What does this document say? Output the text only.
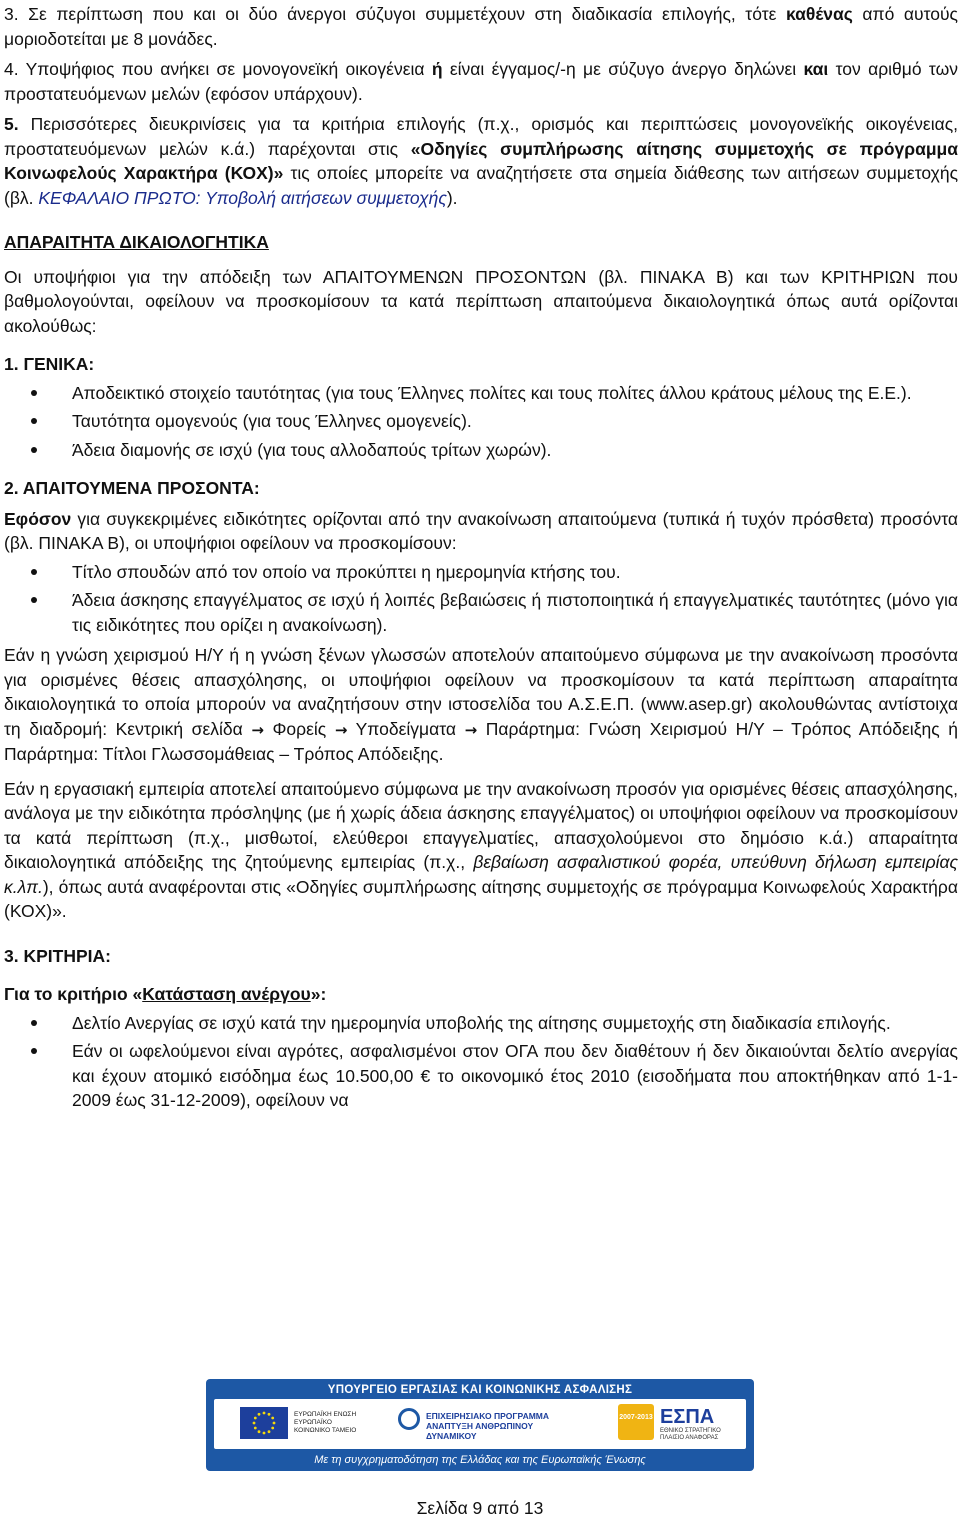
3. Σε περίπτωση που και οι δύο άνεργοι σύζυγοι συμμετέχουν στη διαδικασία επιλογής, τότε καθένας από αυτούς μοριοδοτείται με 8 μονάδες.

4. Υποψήφιος που ανήκει σε μονογονεϊκή οικογένεια ή είναι έγγαμος/-η με σύζυγο άνεργο δηλώνει και τον αριθμό των προστατευόμενων μελών (εφόσον υπάρχουν).

5. Περισσότερες διευκρινίσεις για τα κριτήρια επιλογής (π.χ., ορισμός και περιπτώσεις μονογονεϊκής οικογένειας, προστατευόμενων μελών κ.ά.) παρέχονται στις «Οδηγίες συμπλήρωσης αίτησης συμμετοχής σε πρόγραμμα Κοινωφελούς Χαρακτήρα (ΚΟΧ)» τις οποίες μπορείτε να αναζητήσετε στα σημεία διάθεσης των αιτήσεων συμμετοχής (βλ. ΚΕΦΑΛΑΙΟ ΠΡΩΤΟ: Υποβολή αιτήσεων συμμετοχής).

ΑΠΑΡΑΙΤΗΤΑ ΔΙΚΑΙΟΛΟΓΗΤΙΚΑ

Οι υποψήφιοι για την απόδειξη των ΑΠΑΙΤΟΥΜΕΝΩΝ ΠΡΟΣΟΝΤΩΝ (βλ. ΠΙΝΑΚΑ Β) και των ΚΡΙΤΗΡΙΩΝ που βαθμολογούνται, οφείλουν να προσκομίσουν τα κατά περίπτωση απαιτούμενα δικαιολογητικά όπως αυτά ορίζονται ακολούθως:

1. ΓΕΝΙΚΑ:

Αποδεικτικό στοιχείο ταυτότητας (για τους Έλληνες πολίτες και τους πολίτες άλλου κράτους μέλους της Ε.Ε.).

Ταυτότητα ομογενούς (για τους Έλληνες ομογενείς).

Άδεια διαμονής σε ισχύ (για τους αλλοδαπούς τρίτων χωρών).

2. ΑΠΑΙΤΟΥΜΕΝΑ ΠΡΟΣΟΝΤΑ:

Εφόσον για συγκεκριμένες ειδικότητες ορίζονται από την ανακοίνωση απαιτούμενα (τυπικά ή τυχόν πρόσθετα) προσόντα (βλ. ΠΙΝΑΚΑ Β), οι υποψήφιοι οφείλουν να προσκομίσουν:

Τίτλο σπουδών από τον οποίο να προκύπτει η ημερομηνία κτήσης του.

Άδεια άσκησης επαγγέλματος σε ισχύ ή λοιπές βεβαιώσεις ή πιστοποιητικά ή επαγγελματικές ταυτότητες (μόνο για τις ειδικότητες που ορίζει η ανακοίνωση).

Εάν η γνώση χειρισμού Η/Υ ή η γνώση ξένων γλωσσών αποτελούν απαιτούμενο σύμφωνα με την ανακοίνωση προσόντα για ορισμένες θέσεις απασχόλησης, οι υποψήφιοι οφείλουν να προσκομίσουν τα κατά περίπτωση απαραίτητα δικαιολογητικά το οποία μπορούν να αναζητήσουν στην ιστοσελίδα του Α.Σ.Ε.Π. (www.asep.gr) ακολουθώντας αντίστοιχα τη διαδρομή: Κεντρική σελίδα → Φορείς → Υποδείγματα → Παράρτημα: Γνώση Χειρισμού Η/Υ – Τρόπος Απόδειξης ή Παράρτημα: Τίτλοι Γλωσσομάθειας – Τρόπος Απόδειξης.

Εάν η εργασιακή εμπειρία αποτελεί απαιτούμενο σύμφωνα με την ανακοίνωση προσόν για ορισμένες θέσεις απασχόλησης, ανάλογα με την ειδικότητα πρόσληψης (με ή χωρίς άδεια άσκησης επαγγέλματος) οι υποψήφιοι οφείλουν να προσκομίσουν τα κατά περίπτωση (π.χ., μισθωτοί, ελεύθεροι επαγγελματίες, απασχολούμενοι στο δημόσιο κ.ά.) απαραίτητα δικαιολογητικά απόδειξης της ζητούμενης εμπειρίας (π.χ., βεβαίωση ασφαλιστικού φορέα, υπεύθυνη δήλωση εμπειρίας κ.λπ.), όπως αυτά αναφέρονται στις «Οδηγίες συμπλήρωσης αίτησης συμμετοχής σε πρόγραμμα Κοινωφελούς Χαρακτήρα (ΚΟΧ)».

3. ΚΡΙΤΗΡΙΑ:

Για το κριτήριο «Κατάσταση ανέργου»:

Δελτίο Ανεργίας σε ισχύ κατά την ημερομηνία υποβολής της αίτησης συμμετοχής στη διαδικασία επιλογής.

Εάν οι ωφελούμενοι είναι αγρότες, ασφαλισμένοι στον ΟΓΑ που δεν διαθέτουν ή δεν δικαιούνται δελτίο ανεργίας και έχουν ατομικό εισόδημα έως 10.500,00 € το οικονομικό έτος 2010 (εισοδήματα που αποκτήθηκαν από 1-1-2009 έως 31-12-2009), οφείλουν να

ΥΠΟΥΡΓΕΙΟ ΕΡΓΑΣΙΑΣ ΚΑΙ ΚΟΙΝΩΝΙΚΗΣ ΑΣΦΑΛΙΣΗΣ
ΕΥΡΩΠΑΪΚΗ ΕΝΩΣΗ ΕΥΡΩΠΑΪΚΟ ΚΟΙΝΩΝΙΚΟ ΤΑΜΕΙΟ
ΕΠΙΧΕΙΡΗΣΙΑΚΟ ΠΡΟΓΡΑΜΜΑ ΑΝΑΠΤΥΞΗ ΑΝΘΡΩΠΙΝΟΥ ΔΥΝΑΜΙΚΟΥ
2007-2013 ΕΣΠΑ
ΕΘΝΙΚΟ ΣΤΡΑΤΗΓΙΚΟ ΠΛΑΙΣΙΟ ΑΝΑΦΟΡΑΣ
Με τη συγχρηματοδότηση της Ελλάδας και της Ευρωπαϊκής Ένωσης
Σελίδα 9 από 13
